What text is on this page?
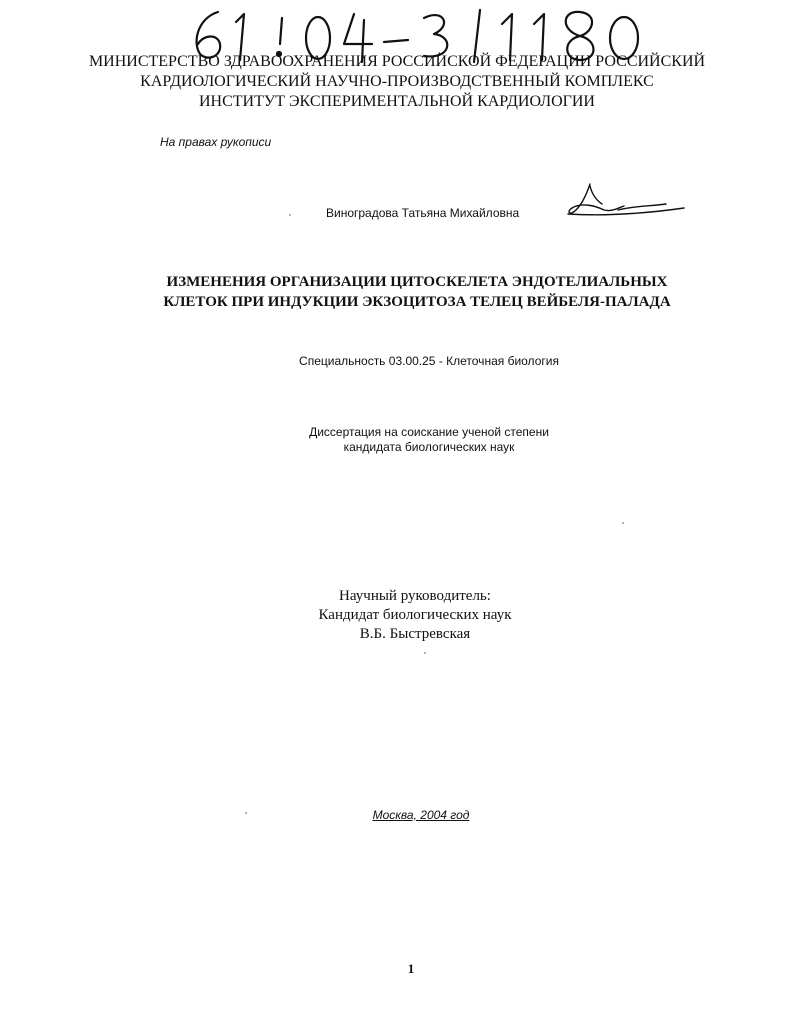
МИНИСТЕРСТВО ЗДРАВООХРАНЕНИЯ РОССИЙСКОЙ ФЕДЕРАЦИИ РОССИЙСКИЙ
КАРДИОЛОГИЧЕСКИЙ НАУЧНО-ПРОИЗВОДСТВЕННЫЙ КОМПЛЕКС
ИНСТИТУТ ЭКСПЕРИМЕНТАЛЬНОЙ КАРДИОЛОГИИ
На правах рукописи
Виноградова Татьяна Михайловна
ИЗМЕНЕНИЯ ОРГАНИЗАЦИИ ЦИТОСКЕЛЕТА ЭНДОТЕЛИАЛЬНЫХ
КЛЕТОК ПРИ ИНДУКЦИИ ЭКЗОЦИТОЗА ТЕЛЕЦ ВЕЙБЕЛЯ-ПАЛАДА
Специальность 03.00.25 - Клеточная биология
Диссертация на соискание ученой степени
кандидата биологических наук
Научный руководитель:
Кандидат биологических наук
В.Б. Быстревская
Москва, 2004 год
1
